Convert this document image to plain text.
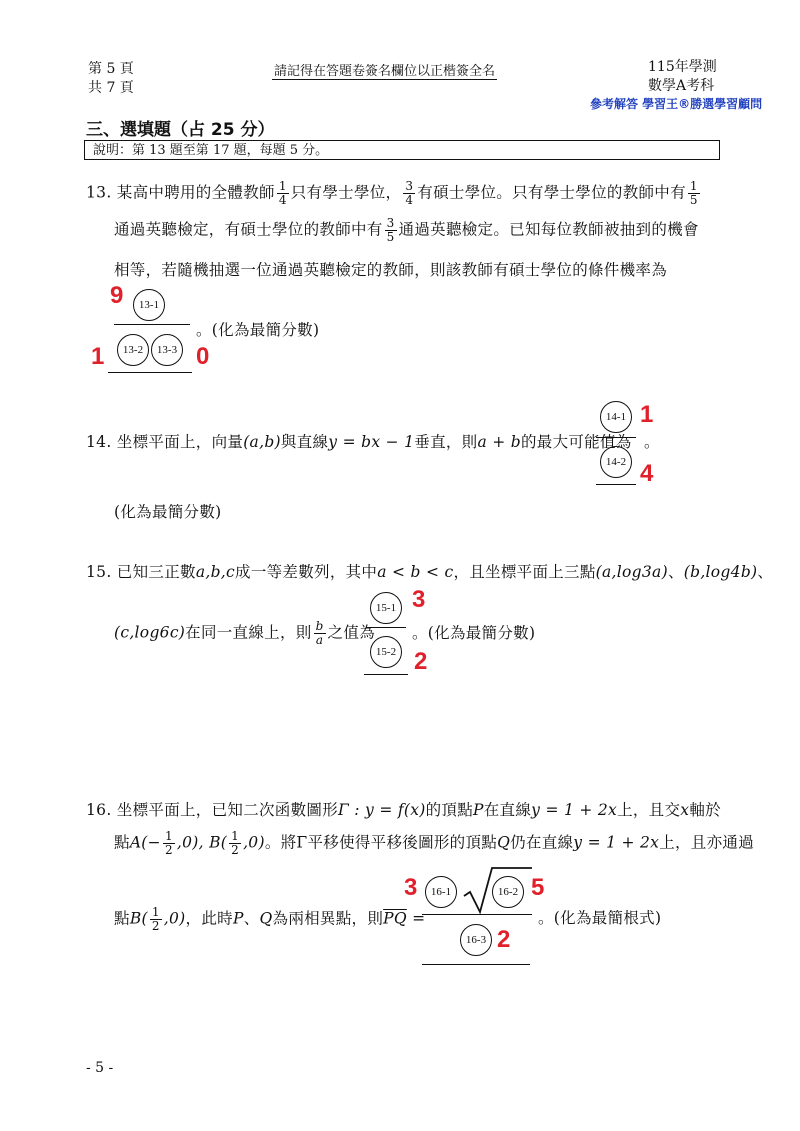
第 5 頁
共 7 頁
請記得在答題卷簽名欄位以正楷簽全名	115年學測
數學A考科
參考解答 學習王®勝選學習顧問
三、選填題（占 25 分）
說明：第 13 題至第 17 題，每題 5 分。
13. 某高中聘用的全體教師 $\frac{1}{4}$ 只有學士學位， $\frac{3}{4}$ 有碩士學位。只有學士學位的教師中有 $\frac{1}{5}$
通過英聽檢定，有碩士學位的教師中有 $\frac{3}{5}$ 通過英聽檢定。已知每位教師被抽到的機會
相等，若隨機抽選一位通過英聽檢定的教師，則該教師有碩士學位的條件機率為
13-1
13-2	13-3
。(化為最簡分數)
9
1	0
14. 坐標平面上，向量(a,b)與直線y = bx − 1垂直，則a + b的最大可能值為
14-1
14-2
。
1
4
(化為最簡分數)
15. 已知三正數a,b,c成一等差數列，其中a < b < c，且坐標平面上三點(a,log3a)、(b,log4b)、
(c,log6c)在同一直線上，則 $\frac{b}{a}$ 之值為
15-1
15-2
。(化為最簡分數)
3
2
16. 坐標平面上，已知二次函數圖形Γ : y = f(x)的頂點P在直線y = 1 + 2x上，且交x軸於
點$A(- \frac{1}{2} ,0)$, $B( \frac{1}{2} ,0)$。將Γ平移使得平移後圖形的頂點Q仍在直線y = 1 + 2x上，且亦通過
點$B( \frac{1}{2} ,0)$，此時P、Q為兩相異點，則$\overline{PQ}$ =
16-1	16-2
16-3
。(化為最簡根式)
3	5
2
- 5 -
